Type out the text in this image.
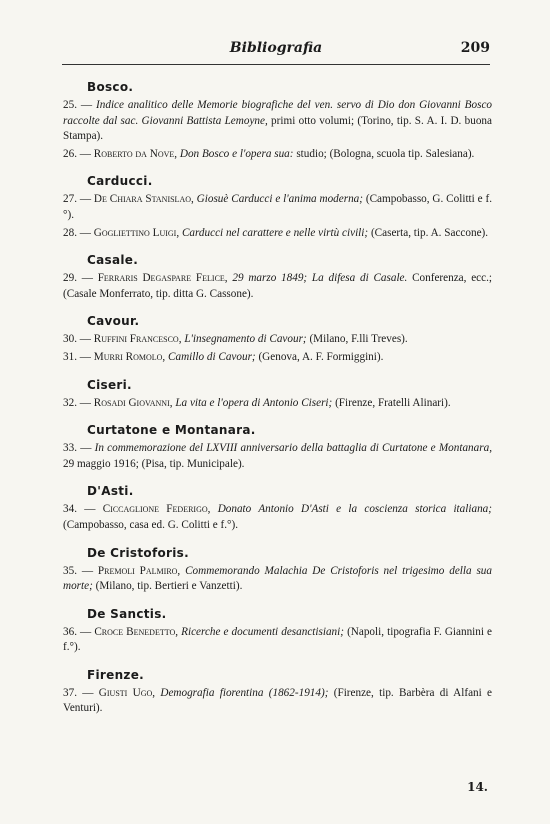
Bibliografia	209
Bosco.
25. — Indice analitico delle Memorie biografiche del ven. servo di Dio don Giovanni Bosco raccolte dal sac. Giovanni Battista Lemoyne, primi otto volumi; (Torino, tip. S. A. I. D. buona Stampa).
26. — Roberto da Nove, Don Bosco e l'opera sua: studio; (Bologna, scuola tip. Salesiana).
Carducci.
27. — De Chiara Stanislao, Giosuè Carducci e l'anima moderna; (Campobasso, G. Colitti e f.°).
28. — Gogliettino Luigi, Carducci nel carattere e nelle virtù civili; (Caserta, tip. A. Saccone).
Casale.
29. — Ferraris Degaspare Felice, 29 marzo 1849; La difesa di Casale. Conferenza, ecc.; (Casale Monferrato, tip. ditta G. Cassone).
Cavour.
30. — Ruffini Francesco, L'insegnamento di Cavour; (Milano, F.lli Treves).
31. — Murri Romolo, Camillo di Cavour; (Genova, A. F. Formiggini).
Ciseri.
32. — Rosadi Giovanni, La vita e l'opera di Antonio Ciseri; (Firenze, Fratelli Alinari).
Curtatone e Montanara.
33. — In commemorazione del LXVIII anniversario della battaglia di Curtatone e Montanara, 29 maggio 1916; (Pisa, tip. Municipale).
D'Asti.
34. — Ciccaglione Federigo, Donato Antonio D'Asti e la coscienza storica italiana; (Campobasso, casa ed. G. Colitti e f.°).
De Cristoforis.
35. — Premoli Palmiro, Commemorando Malachia De Cristoforis nel trigesimo della sua morte; (Milano, tip. Bertieri e Vanzetti).
De Sanctis.
36. — Croce Benedetto, Ricerche e documenti desanctisiani; (Napoli, tipografia F. Giannini e f.°).
Firenze.
37. — Giusti Ugo, Demografia fiorentina (1862-1914); (Firenze, tip. Barbèra di Alfani e Venturi).
14.
